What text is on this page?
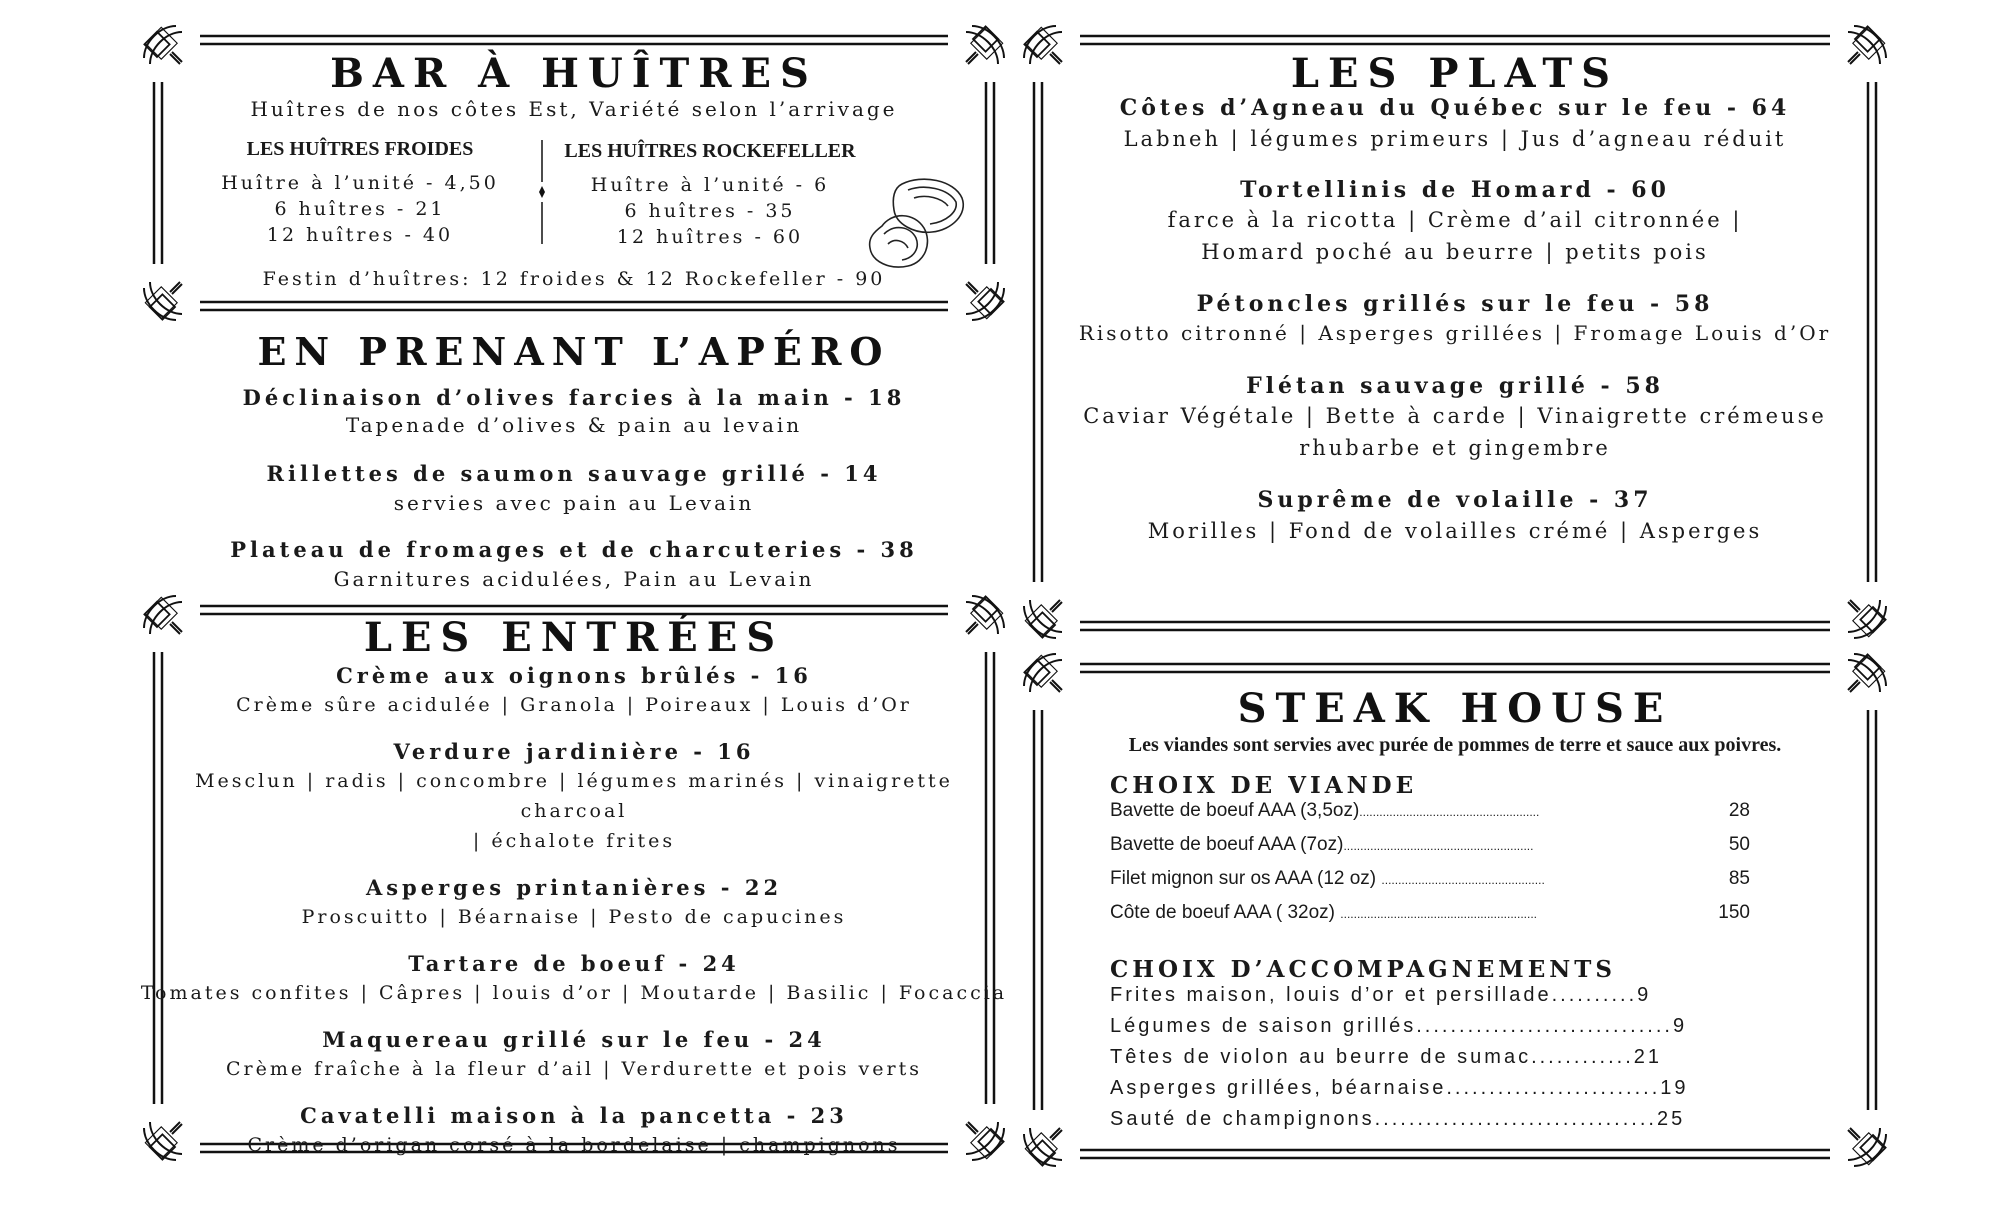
BAR À HUÎTRES
Huîtres de nos côtes Est, Variété selon l’arrivage
LES HUÎTRES FROIDES
Huître à l’unité - 4,50
6 huîtres - 21
12 huîtres - 40
LES HUÎTRES ROCKEFELLER
Huître à l’unité - 6
6 huîtres - 35
12 huîtres - 60
Festin d’huîtres: 12 froides & 12 Rockefeller - 90
EN PRENANT L’APÉRO
Déclinaison d’olives farcies à la main - 18
Tapenade d’olives & pain au levain
Rillettes de saumon sauvage grillé - 14
servies avec pain au Levain
Plateau de fromages et de charcuteries - 38
Garnitures acidulées, Pain au Levain
LES ENTRÉES
Crème aux oignons brûlés - 16
Crème sûre acidulée | Granola | Poireaux | Louis d’Or
Verdure jardinière - 16
Mesclun | radis | concombre | légumes marinés | vinaigrette charcoal
| échalote frites
Asperges printanières - 22
Proscuitto | Béarnaise | Pesto de capucines
Tartare de boeuf - 24
Tomates confites | Câpres | louis d’or | Moutarde | Basilic | Focaccia
Maquereau grillé sur le feu - 24
Crème fraîche à la fleur d’ail | Verdurette et pois verts
Cavatelli maison à la pancetta - 23
Crème d’origan corsé à la bordelaise | champignons
LES PLATS
Côtes d’Agneau du Québec sur le feu - 64
Labneh | légumes primeurs | Jus d’agneau réduit
Tortellinis de Homard - 60
farce à la ricotta | Crème d’ail citronnée |
Homard poché au beurre | petits pois
Pétoncles grillés sur le feu - 58
Risotto citronné | Asperges grillées | Fromage Louis d’Or
Flétan sauvage grillé - 58
Caviar Végétale | Bette à carde | Vinaigrette crémeuse
rhubarbe et gingembre
Suprême de volaille - 37
Morilles | Fond de volailles crémé | Asperges
STEAK HOUSE
Les viandes sont servies avec purée de pommes de terre et sauce aux poivres.
CHOIX DE VIANDE
Bavette de boeuf AAA (3,5oz)......................................................	28
Bavette de boeuf AAA (7oz).........................................................	50
Filet mignon sur os AAA (12 oz) .................................................	85
Côte de boeuf AAA ( 32oz) ...........................................................	150
CHOIX D’ACCOMPAGNEMENTS
Frites maison, louis d’or et persillade..........9
Légumes de saison grillés..............................9
Têtes de violon au beurre de sumac............21
Asperges grillées, béarnaise.........................19
Sauté de champignons.................................25
